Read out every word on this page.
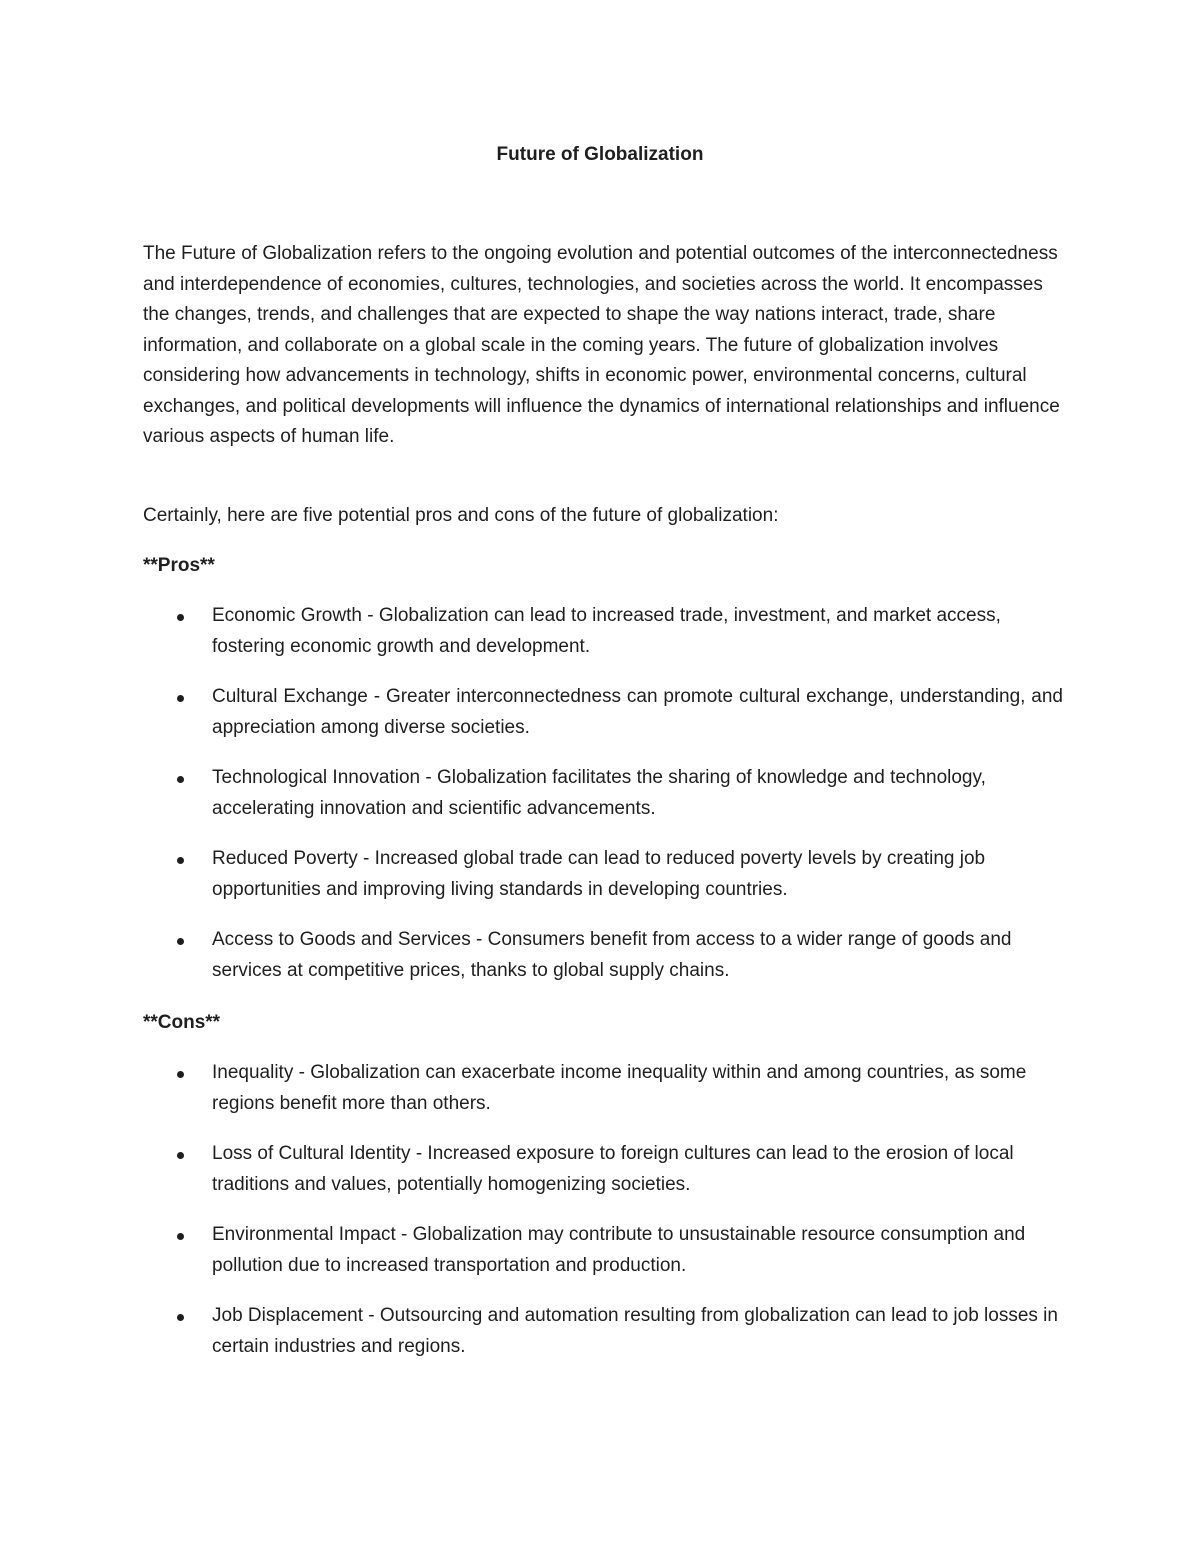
Future of Globalization

The Future of Globalization refers to the ongoing evolution and potential outcomes of the interconnectedness and interdependence of economies, cultures, technologies, and societies across the world. It encompasses the changes, trends, and challenges that are expected to shape the way nations interact, trade, share information, and collaborate on a global scale in the coming years. The future of globalization involves considering how advancements in technology, shifts in economic power, environmental concerns, cultural exchanges, and political developments will influence the dynamics of international relationships and influence various aspects of human life.

Certainly, here are five potential pros and cons of the future of globalization:

**Pros**

Economic Growth - Globalization can lead to increased trade, investment, and market access, fostering economic growth and development.
Cultural Exchange - Greater interconnectedness can promote cultural exchange, understanding, and appreciation among diverse societies.
Technological Innovation - Globalization facilitates the sharing of knowledge and technology, accelerating innovation and scientific advancements.
Reduced Poverty - Increased global trade can lead to reduced poverty levels by creating job opportunities and improving living standards in developing countries.
Access to Goods and Services - Consumers benefit from access to a wider range of goods and services at competitive prices, thanks to global supply chains.

**Cons**

Inequality - Globalization can exacerbate income inequality within and among countries, as some regions benefit more than others.
Loss of Cultural Identity - Increased exposure to foreign cultures can lead to the erosion of local traditions and values, potentially homogenizing societies.
Environmental Impact - Globalization may contribute to unsustainable resource consumption and pollution due to increased transportation and production.
Job Displacement - Outsourcing and automation resulting from globalization can lead to job losses in certain industries and regions.
